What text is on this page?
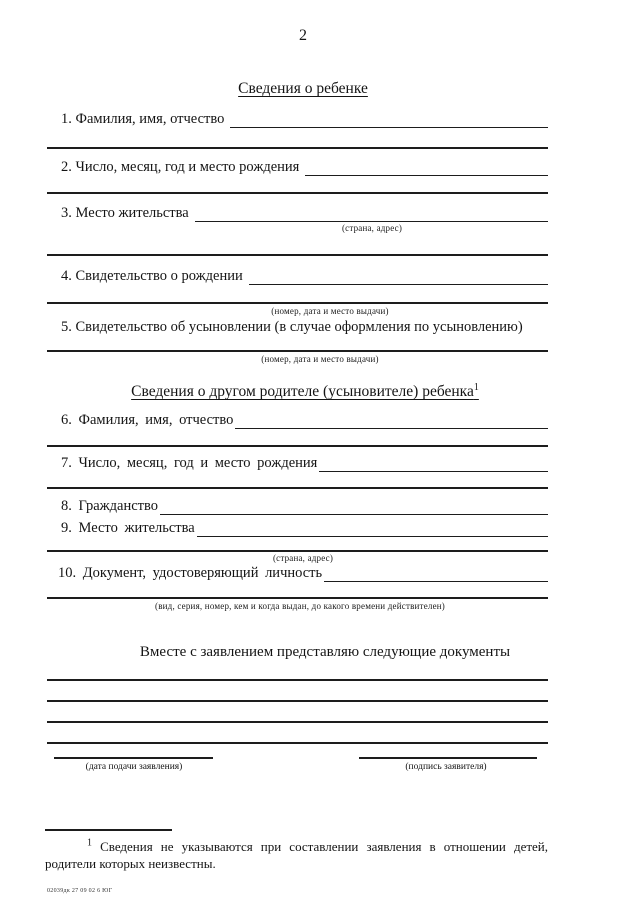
2
Сведения о ребенке
1. Фамилия, имя, отчество
2. Число, месяц, год и место рождения
3. Место жительства
(страна, адрес)
4. Свидетельство о рождении
(номер, дата и место выдачи)
5. Свидетельство об усыновлении (в случае оформления по усыновлению)
(номер, дата и место выдачи)
Сведения о другом родителе (усыновителе) ребенка$^1$
6. Фамилия, имя, отчество
7. Число, месяц, год и место рождения
8. Гражданство
9. Место жительства
(страна, адрес)
10. Документ, удостоверяющий личность
(вид, серия, номер, кем и когда выдан, до какого времени действителен)
Вместе с заявлением представляю следующие документы
(дата подачи заявления)	(подпись заявителя)
$^1$ Сведения не указываются при составлении заявления в отношении детей, родители которых неизвестны.
02039дк 27 09 02 6 ЮГ
